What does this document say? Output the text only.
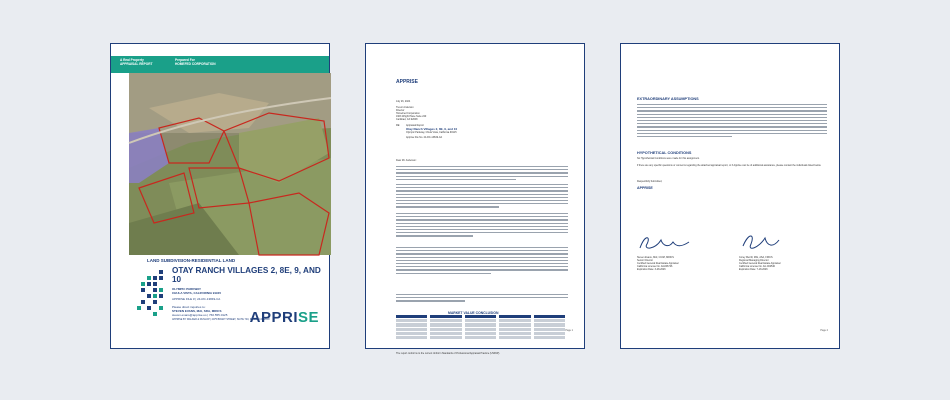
A Real Property
APPRAISAL REPORT
Prepared For
HOMEFED CORPORATION
LAND SUBDIVISION-RESIDENTIAL LAND
OTAY RANCH VILLAGES 2, 8E, 9, AND 10
OLYMPIC PARKWAY
CHULA VISTA, CALIFORNIA 91915
APPRISE FILE # | 24-RC-13849-CA
Please direct inquiries to:
STEVEN EVANS, MAI, SRA, MRICS
steven.evans@apprise.us | 760.555.0125
APPRISE BY WALKER & DUNLOP | 2075 BRANT STREET, SUITE 740, IRVINE, CA 92618
APPRISE
APPRISE
July 26, 2024
Trevor Anderson
Director
HomeFed Corporation
1903 Wright Place Suite 220
Carlsbad, CA 92008
RE:	Appraisal Report
Otay Ranch Villages 2, 8E, 9, and 10
Olympic Parkway, Chula Vista, California 91915
Apprise File No. 24-RC-13849-CA
Dear Mr. Anderson:
MARKET VALUE CONCLUSION
The report conforms to the current Uniform Standards of Professional Appraisal Practice (USPAP).
Page 1
EXTRAORDINARY ASSUMPTIONS
HYPOTHETICAL CONDITIONS
No Hypothetical Conditions were made for this assignment.
If there are any specific questions or concerns regarding the attached appraisal report, or if Apprise can be of additional assistance, please contact the individuals listed below.
Respectfully Submitted,
APPRISE
Steven Evans, MAI, CCIM, MRICS
Senior Director
Certified General Real Estate Appraiser
California License No. AG006726
Expiration Date: 3-28-2026
Corey Merrill, MAI, ASA, FRICS
Regional Managing Director
Certified General Real Estate Appraiser
California License No. AG 002540
Expiration Date: 7-18-2026
Page 2
